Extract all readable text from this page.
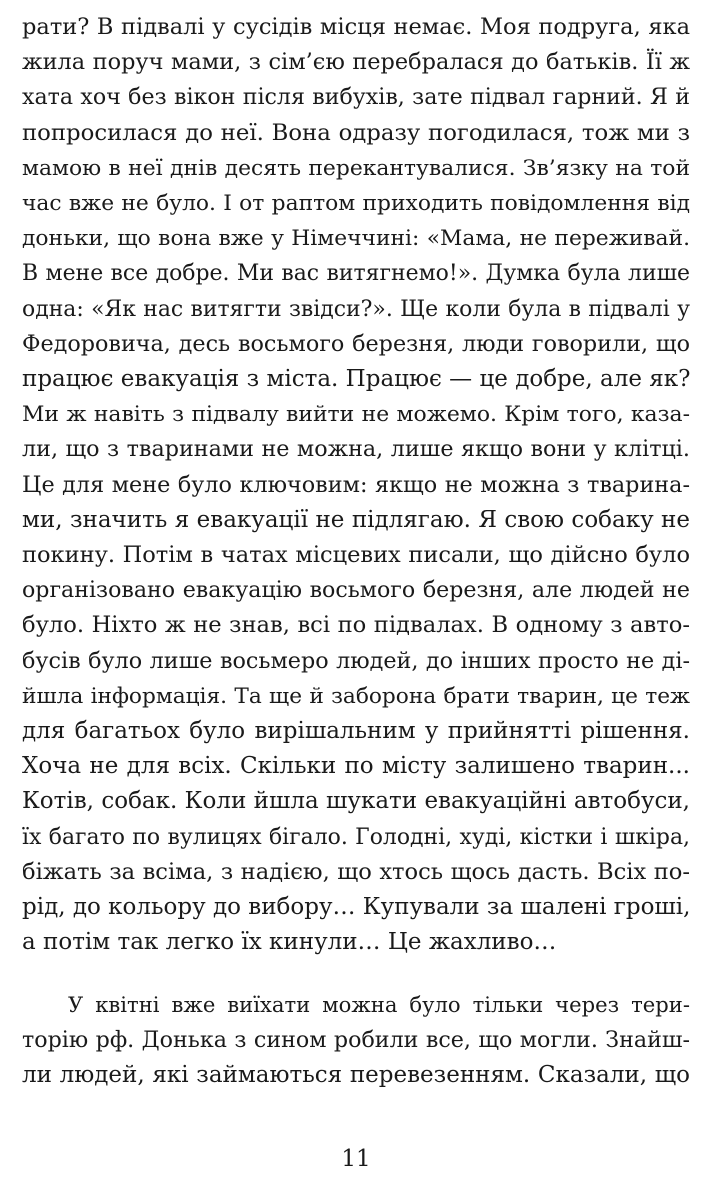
рати? В підвалі у сусідів місця немає. Моя подруга, яка
жила поруч мами, з сім’єю перебралася до батьків. Її ж
хата хоч без вікон після вибухів, зате підвал гарний. Я й
попросилася до неї. Вона одразу погодилася, тож ми з
мамою в неї днів десять перекантувалися. Зв’язку на той
час вже не було. І от раптом приходить повідомлення від
доньки, що вона вже у Німеччині: «Мама, не переживай.
В мене все добре. Ми вас витягнемо!». Думка була лише
одна: «Як нас витягти звідси?». Ще коли була в підвалі у
Федоровича, десь восьмого березня, люди говорили, що
працює евакуація з міста. Працює — це добре, але як?
Ми ж навіть з підвалу вийти не можемо. Крім того, каза-
ли, що з тваринами не можна, лише якщо вони у клітці.
Це для мене було ключовим: якщо не можна з тварина-
ми, значить я евакуації не підлягаю. Я свою собаку не
покину. Потім в чатах місцевих писали, що дійсно було
організовано евакуацію восьмого березня, але людей не
було. Ніхто ж не знав, всі по підвалах. В одному з авто-
бусів було лише восьмеро людей, до інших просто не ді-
йшла інформація. Та ще й заборона брати тварин, це теж
для багатьох було вирішальним у прийнятті рішення.
Хоча не для всіх. Скільки по місту залишено тварин...
Котів, собак. Коли йшла шукати евакуаційні автобуси,
їх багато по вулицях бігало. Голодні, худі, кістки і шкіра,
біжать за всіма, з надією, що хтось щось дасть. Всіх по-
рід, до кольору до вибору… Купували за шалені гроші,
а потім так легко їх кинули… Це жахливо…

У квітні вже виїхати можна було тільки через тери-
торію рф. Донька з сином робили все, що могли. Знайш-
ли людей, які займаються перевезенням. Сказали, що

11
